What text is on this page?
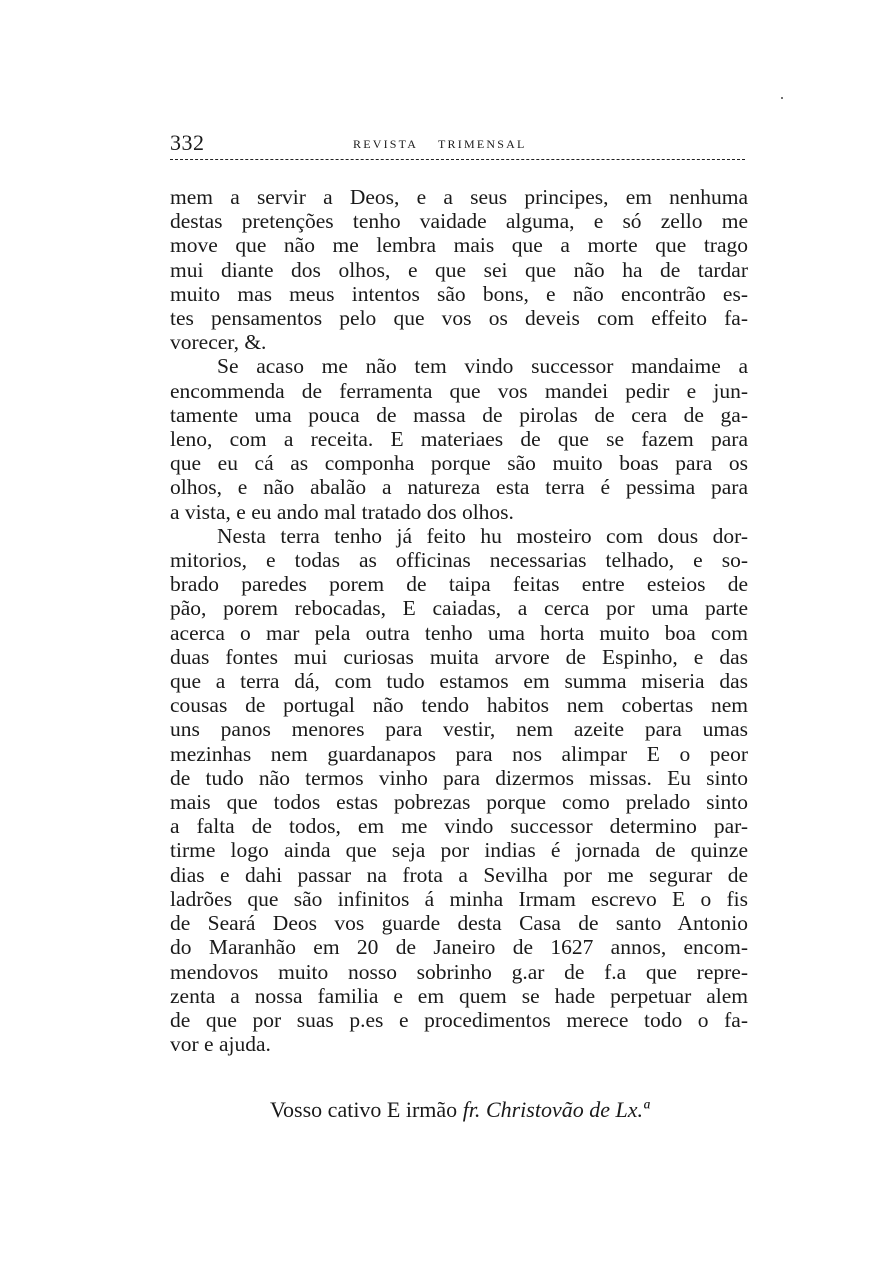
332	REVISTA    TRIMENSAL
mem a servir a Deos, e a seus principes, em nenhuma
destas pretenções tenho vaidade alguma, e só zello me
move que não me lembra mais que a morte que trago
mui diante dos olhos, e que sei que não ha de tardar
muito mas meus intentos são bons, e não encontrão es-
tes pensamentos pelo que vos os deveis com effeito fa-
vorecer, &.
Se acaso me não tem vindo successor mandaime a
encommenda de ferramenta que vos mandei pedir e jun-
tamente uma pouca de massa de pirolas de cera de ga-
leno, com a receita. E materiaes de que se fazem para
que eu cá as componha porque são muito boas para os
olhos, e não abalão a natureza esta terra é pessima para
a vista, e eu ando mal tratado dos olhos.
Nesta terra tenho já feito hu mosteiro com dous dor-
mitorios, e todas as officinas necessarias telhado, e so-
brado paredes porem de taipa feitas entre esteios de
pão, porem rebocadas, E caiadas, a cerca por uma parte
acerca o mar pela outra tenho uma horta muito boa com
duas fontes mui curiosas muita arvore de Espinho, e das
que a terra dá, com tudo estamos em summa miseria das
cousas de portugal não tendo habitos nem cobertas nem
uns panos menores para vestir, nem azeite para umas
mezinhas nem guardanapos para nos alimpar E o peor
de tudo não termos vinho para dizermos missas. Eu sinto
mais que todos estas pobrezas porque como prelado sinto
a falta de todos, em me vindo successor determino par-
tirme logo ainda que seja por indias é jornada de quinze
dias e dahi passar na frota a Sevilha por me segurar de
ladrões que são infinitos á minha Irmam escrevo E o fis
de Seará Deos vos guarde desta Casa de santo Antonio
do Maranhão em 20 de Janeiro de 1627 annos, encom-
mendovos muito nosso sobrinho g.ar de f.a que repre-
zenta a nossa familia e em quem se hade perpetuar alem
de que por suas p.es e procedimentos merece todo o fa-
vor e ajuda.
Vosso cativo E irmão fr. Christovão de Lx.ª
